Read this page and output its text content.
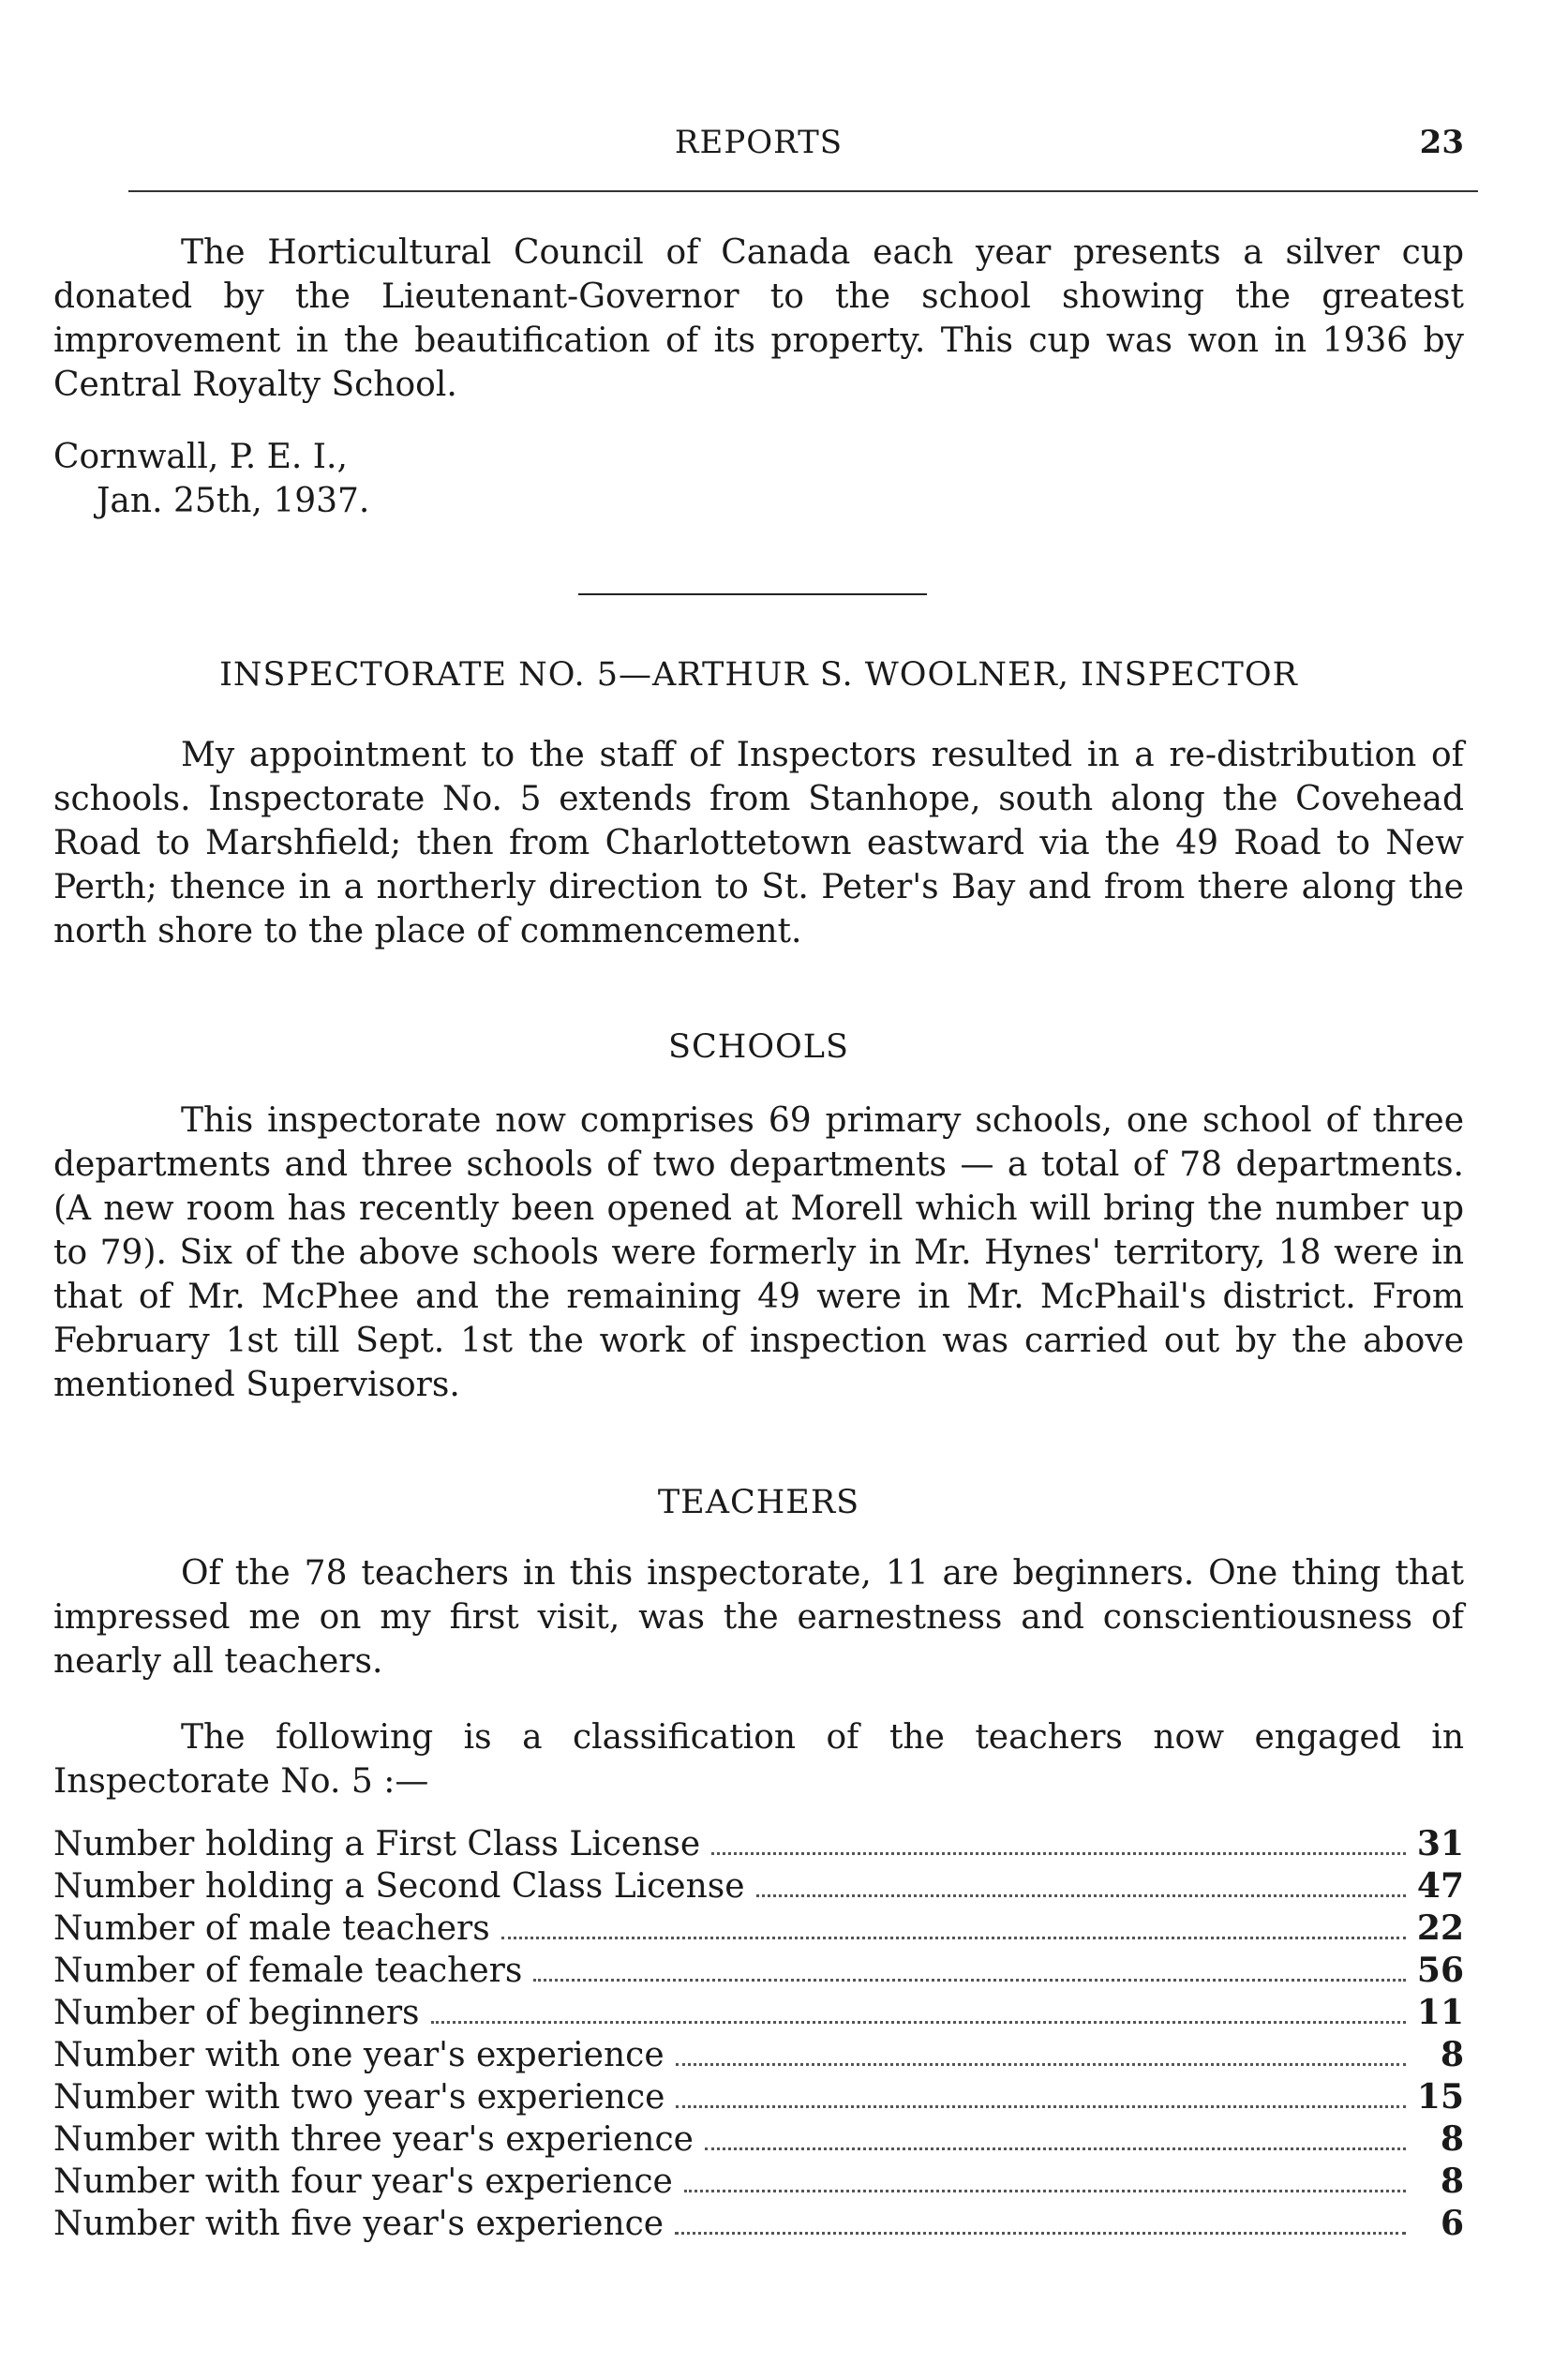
REPORTS	23

The Horticultural Council of Canada each year presents a silver cup donated by the Lieutenant-Governor to the school showing the greatest improvement in the beautification of its property. This cup was won in 1936 by Central Royalty School.

Cornwall, P. E. I.,
Jan. 25th, 1937.
INSPECTORATE NO. 5—ARTHUR S. WOOLNER, INSPECTOR

My appointment to the staff of Inspectors resulted in a re-distribution of schools. Inspectorate No. 5 extends from Stanhope, south along the Covehead Road to Marshfield; then from Charlottetown eastward via the 49 Road to New Perth; thence in a northerly direction to St. Peter's Bay and from there along the north shore to the place of commencement.

SCHOOLS

This inspectorate now comprises 69 primary schools, one school of three departments and three schools of two departments — a total of 78 departments. (A new room has recently been opened at Morell which will bring the number up to 79). Six of the above schools were formerly in Mr. Hynes' territory, 18 were in that of Mr. McPhee and the remaining 49 were in Mr. McPhail's district. From February 1st till Sept. 1st the work of inspection was carried out by the above mentioned Supervisors.

TEACHERS

Of the 78 teachers in this inspectorate, 11 are beginners. One thing that impressed me on my first visit, was the earnestness and conscientiousness of nearly all teachers.

The following is a classification of the teachers now engaged in Inspectorate No. 5 :—

Number holding a First Class License	31
Number holding a Second Class License	47
Number of male teachers	22
Number of female teachers	56
Number of beginners	11
Number with one year's experience	8
Number with two year's experience	15
Number with three year's experience	8
Number with four year's experience	8
Number with five year's experience	6
